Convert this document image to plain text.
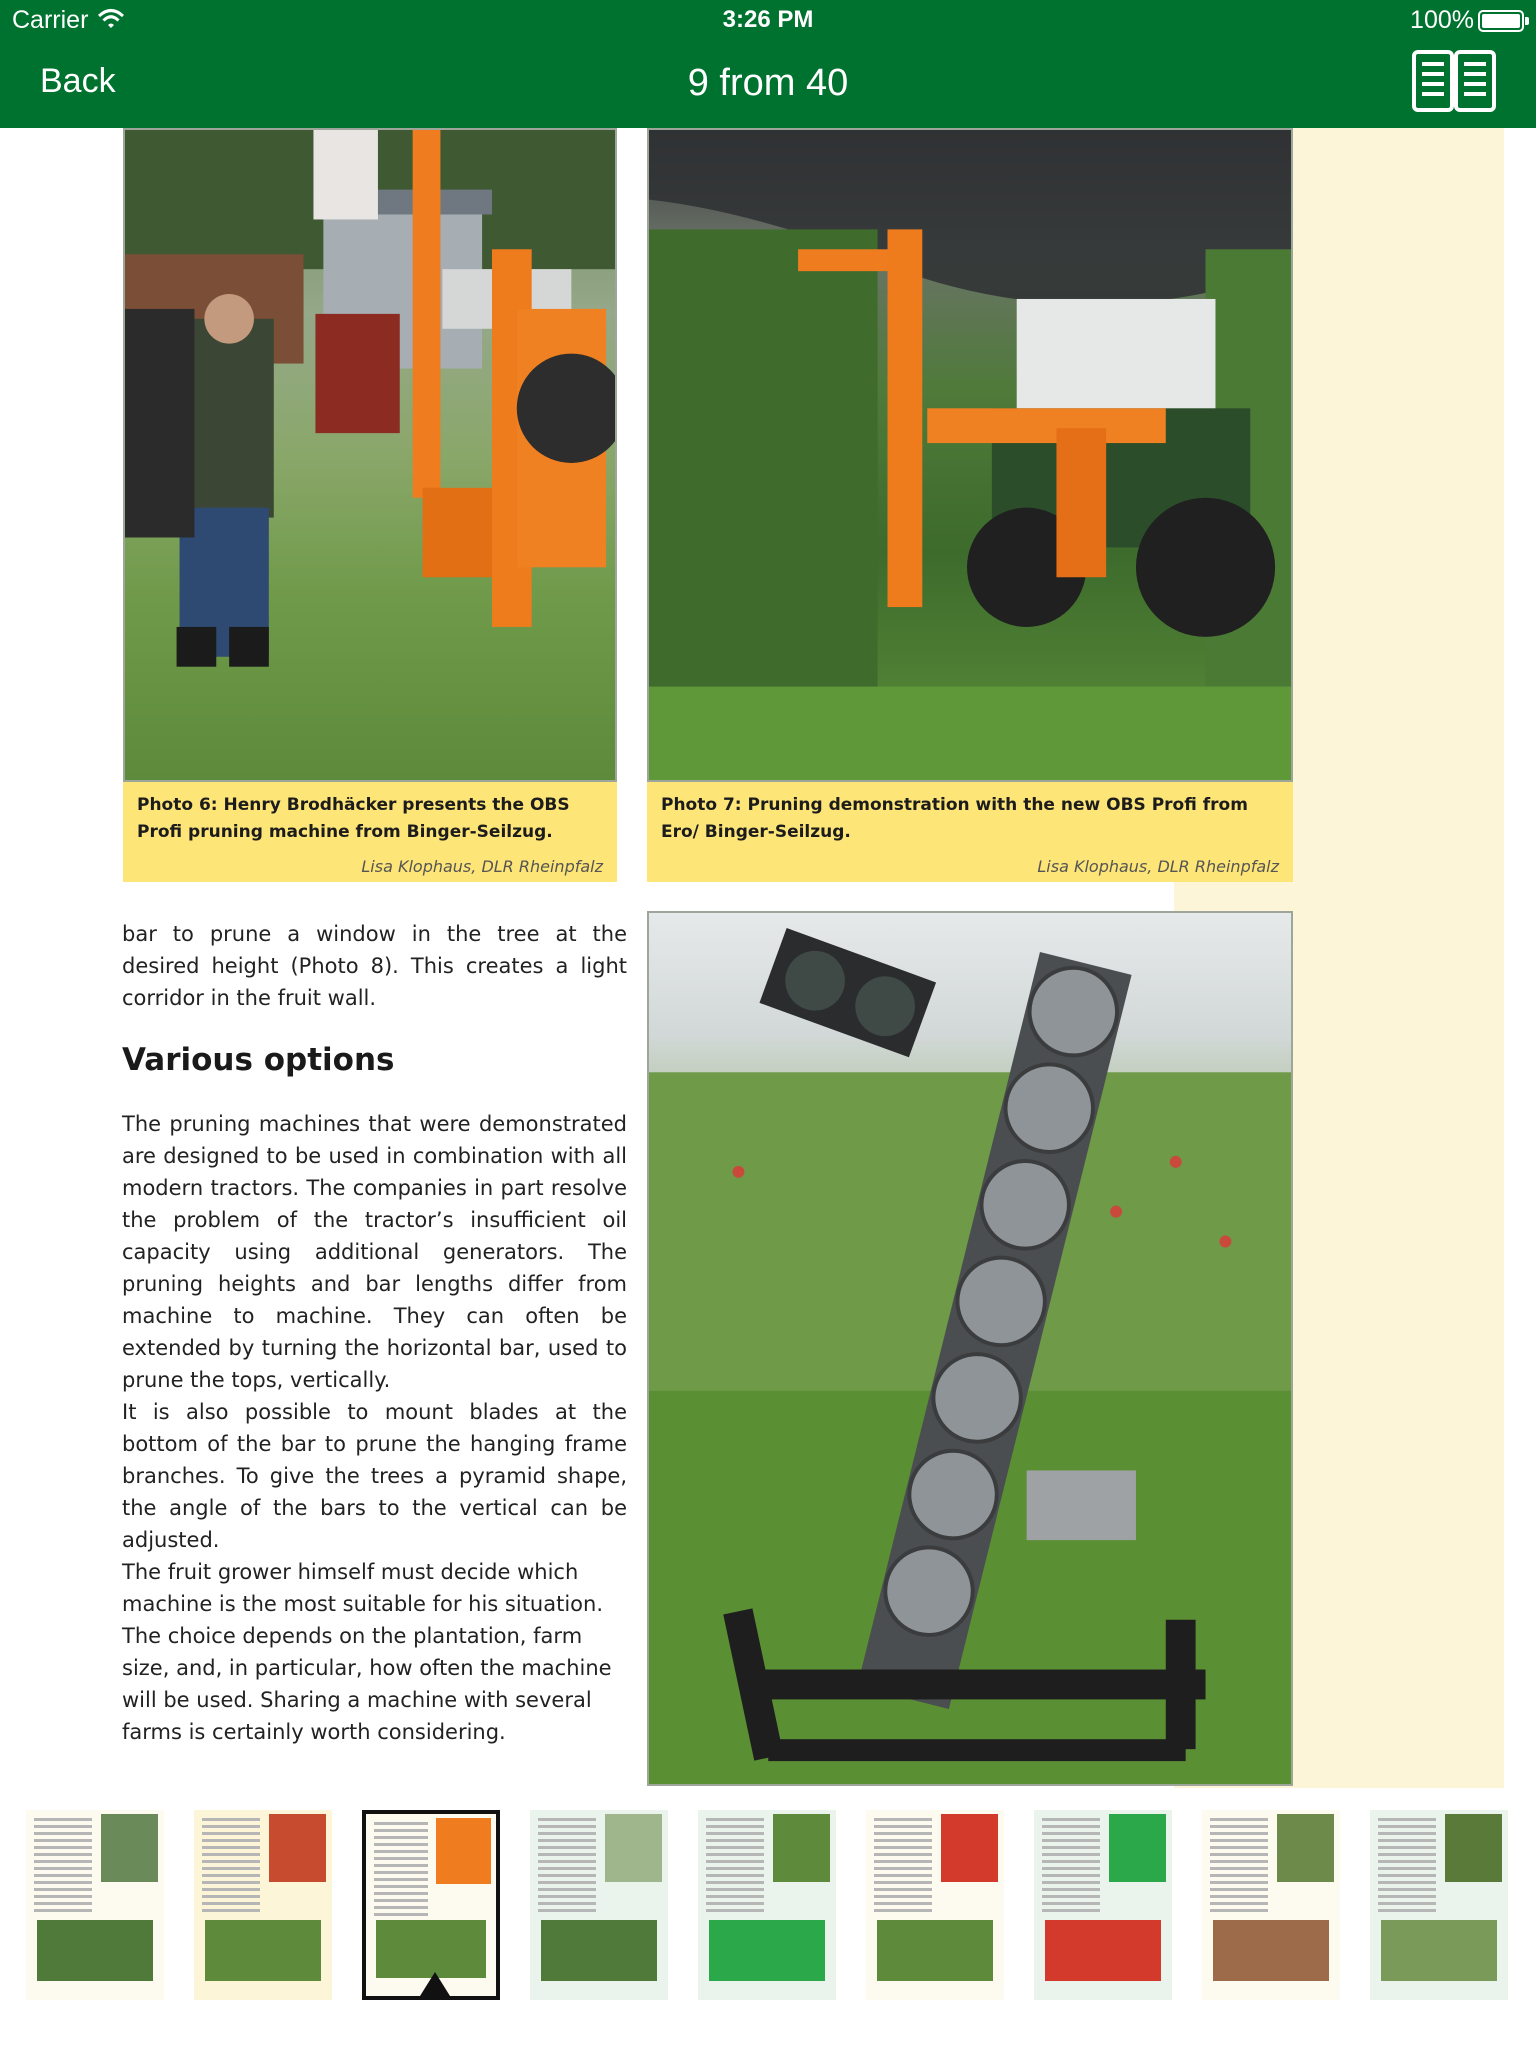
Carrier	3:26 PM	100%
Back	9 from 40
Photo 6: Henry Brodhäcker presents the OBS Profi pruning machine from Binger-Seilzug.
Lisa Klophaus, DLR Rheinpfalz
Photo 7: Pruning demonstration with the new OBS Profi from Ero/ Binger-Seilzug.
Lisa Klophaus, DLR Rheinpfalz

bar to prune a window in the tree at the desired height (Photo 8). This creates a light corridor in the fruit wall.

Various options

The pruning machines that were demonstrated are designed to be used in combination with all modern tractors. The companies in part resolve the problem of the tractor’s insufficient oil capacity using additional generators. The pruning heights and bar lengths differ from machine to machine. They can often be extended by turning the horizontal bar, used to prune the tops, vertically.

It is also possible to mount blades at the bottom of the bar to prune the hanging frame branches. To give the trees a pyramid shape, the angle of the bars to the vertical can be adjusted.

The fruit grower himself must decide which machine is the most suitable for his situation. The choice depends on the plantation, farm size, and, in particular, how often the machine will be used. Sharing a machine with several farms is certainly worth considering.
